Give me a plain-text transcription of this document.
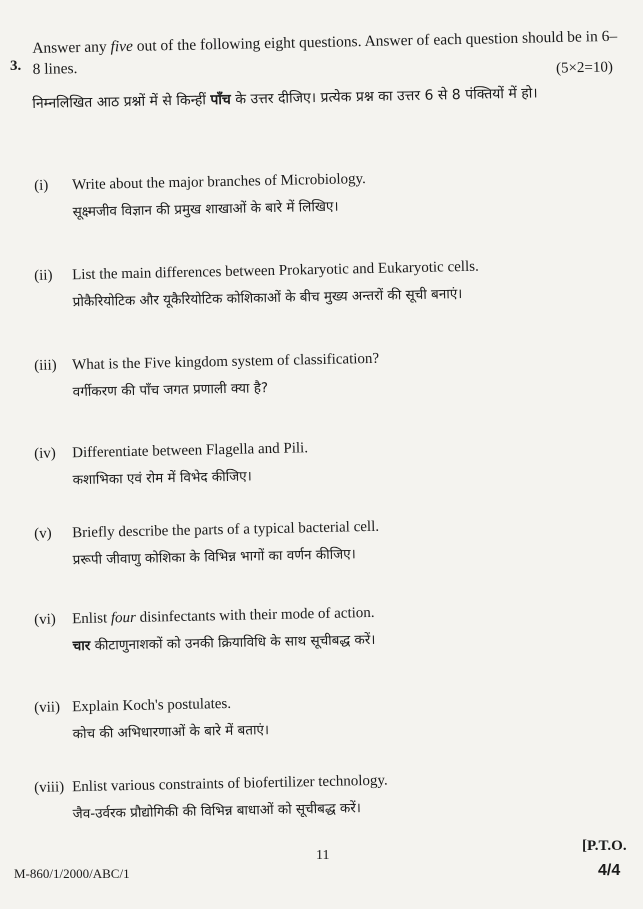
3.
Answer any five out of the following eight questions. Answer of each question should be in 6–8 lines.	(5×2=10)
निम्नलिखित आठ प्रश्नों में से किन्हीं पाँच के उत्तर दीजिए। प्रत्येक प्रश्न का उत्तर 6 से 8 पंक्तियों में हो।
(i)	Write about the major branches of Microbiology.
सूक्ष्मजीव विज्ञान की प्रमुख शाखाओं के बारे में लिखिए।
(ii)	List the main differences between Prokaryotic and Eukaryotic cells.
प्रोकैरियोटिक और यूकैरियोटिक कोशिकाओं के बीच मुख्य अन्तरों की सूची बनाएं।
(iii)	What is the Five kingdom system of classification?
वर्गीकरण की पाँच जगत प्रणाली क्या है?
(iv)	Differentiate between Flagella and Pili.
कशाभिका एवं रोम में विभेद कीजिए।
(v)	Briefly describe the parts of a typical bacterial cell.
प्ररूपी जीवाणु कोशिका के विभिन्न भागों का वर्णन कीजिए।
(vi)	Enlist four disinfectants with their mode of action.
चार कीटाणुनाशकों को उनकी क्रियाविधि के साथ सूचीबद्ध करें।
(vii) Explain Koch's postulates.
कोच की अभिधारणाओं के बारे में बताएं।
(viii) Enlist various constraints of biofertilizer technology.
जैव-उर्वरक प्रौद्योगिकी की विभिन्न बाधाओं को सूचीबद्ध करें।
11
M-860/1/2000/ABC/1
[P.T.O.
4/4
